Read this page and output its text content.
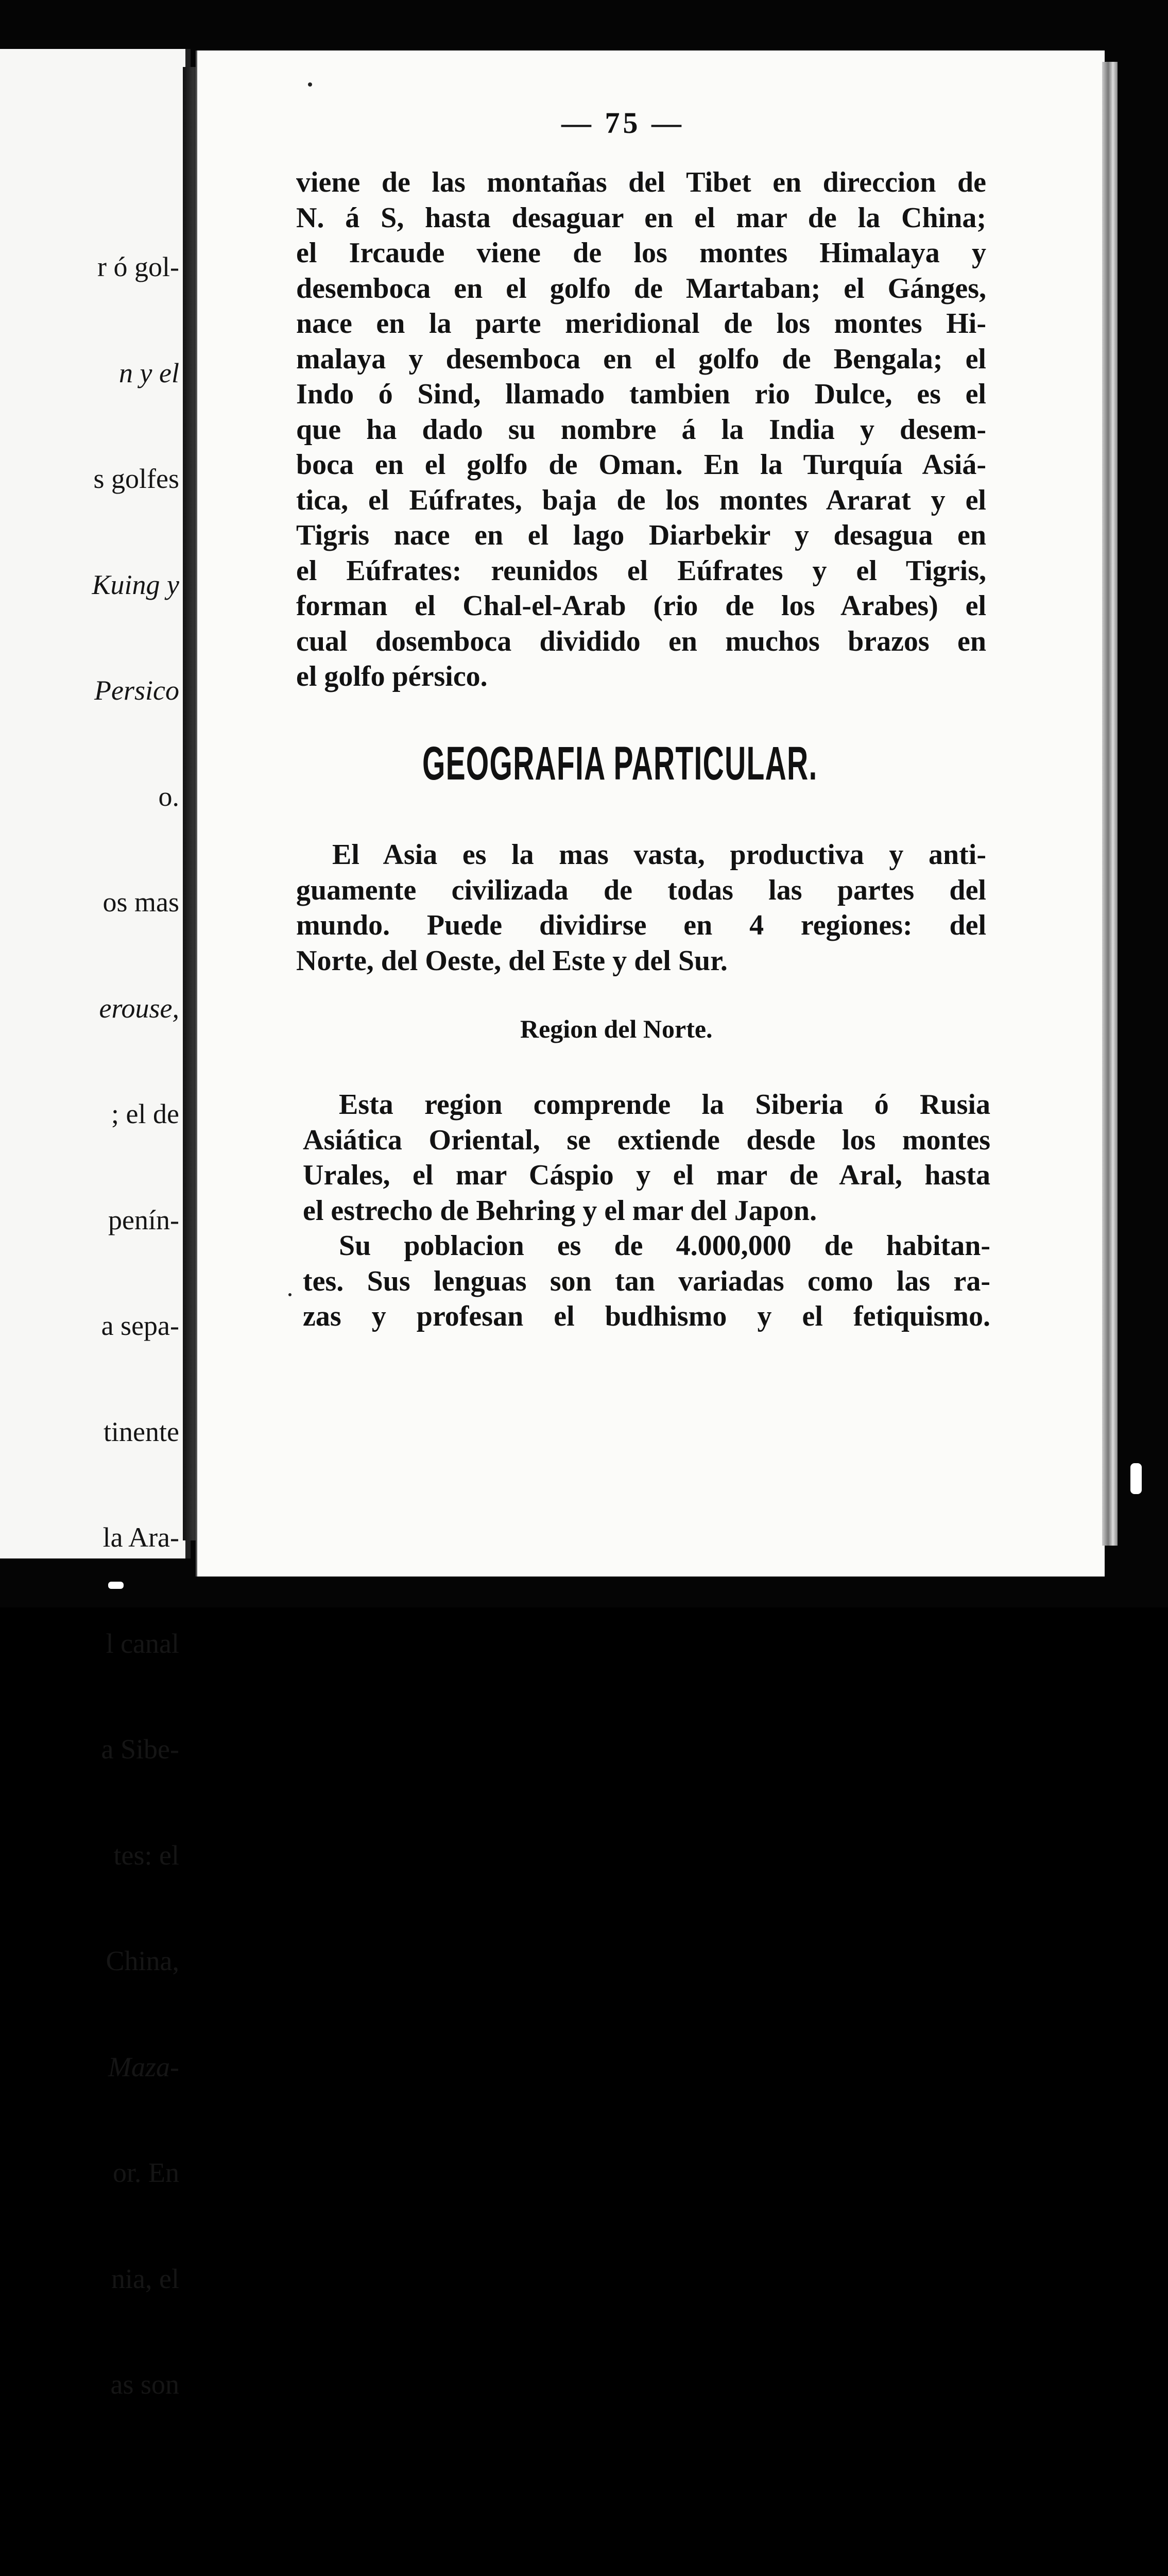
r ó gol-

n y el

s golfes

Kuing y

Persico

o.

os mas

erouse,

; el de

penín-

a sepa-

tinente

la Ara-

l canal

a Sibe-

tes: el

China,

Maza-

or. En

nia, el

as son

— 75 —
viene de las montañas del Tibet en direccion de
N. á S, hasta desaguar en el mar de la China;
el Ircaude viene de los montes Himalaya y
desemboca en el golfo de Martaban; el Gánges,
nace en la parte meridional de los montes Hi-
malaya y desemboca en el golfo de Bengala; el
Indo ó Sind, llamado tambien rio Dulce, es el
que ha dado su nombre á la India y desem-
boca en el golfo de Oman. En la Turquía Asiá-
tica, el Eúfrates, baja de los montes Ararat y el
Tigris nace en el lago Diarbekir y desagua en
el Eúfrates: reunidos el Eúfrates y el Tigris,
forman el Chal-el-Arab (rio de los Arabes) el
cual dosemboca dividido en muchos brazos en
el golfo pérsico.
GEOGRAFIA PARTICULAR.
El Asia es la mas vasta, productiva y anti-
guamente civilizada de todas las partes del
mundo. Puede dividirse en 4 regiones: del
Norte, del Oeste, del Este y del Sur.
Region del Norte.
Esta region comprende la Siberia ó Rusia
Asiática Oriental, se extiende desde los montes
Urales, el mar Cáspio y el mar de Aral, hasta
el estrecho de Behring y el mar del Japon.
Su poblacion es de 4.000,000 de habitan-
tes. Sus lenguas son tan variadas como las ra-
zas y profesan el budhismo y el fetiquismo.
